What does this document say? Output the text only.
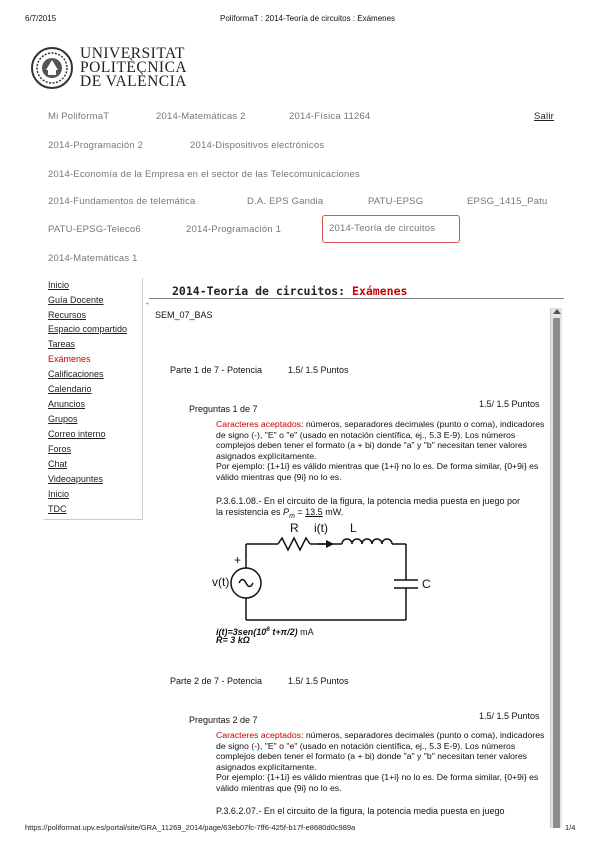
6/7/2015	PoliformaT : 2014-Teoría de circuitos : Exámenes
UNIVERSITAT
POLITÈCNICA
DE VALÈNCIA
Mi PoliformaT	2014-Matemáticas 2	2014-Física 11264	Salir
2014-Programación 2	2014-Dispositivos electrónicos
2014-Economía de la Empresa en el sector de las Telecomunicaciones
2014-Fundamentos de telemática	D.A. EPS Gandia	PATU-EPSG	EPSG_1415_Patu
PATU-EPSG-Teleco6	2014-Programación 1	2014-Teoría de circuitos
2014-Matemáticas 1
Inicio
Guía Docente
Recursos
Espacio compartido
Tareas
Exámenes
Calificaciones
Calendario
Anuncios
Grupos
Correo interno
Foros
Chat
Videoapuntes
Inicio
TDC
2014-Teoría de circuitos: Exámenes
-
SEM_07_BAS
Parte 1 de 7 - Potencia	1.5/ 1.5 Puntos
Preguntas 1 de 7	1.5/ 1.5 Puntos
Caracteres aceptados: números, separadores decimales (punto o coma), indicadores de signo (-), "E" o "e" (usado en notación científica, ej., 5.3 E-9). Los números complejos deben tener el formato (a + bi) donde "a" y "b" necesitan tener valores asignados explícitamente.
Por ejemplo: {1+1i} es válido mientras que {1+i} no lo es. De forma similar, {0+9i} es válido mientras que {9i} no lo es.
P.3.6.1.08.- En el circuito de la figura, la potencia media puesta en juego por
la resistencia es $P_m = 13.5$ mW.
R i(t) L
C
+
v(t)
$i(t)=3sen(10^6$ t+π/2) mA
R= 3 kΩ
Parte 2 de 7 - Potencia	1.5/ 1.5 Puntos
Preguntas 2 de 7	1.5/ 1.5 Puntos
Caracteres aceptados: números, separadores decimales (punto o coma), indicadores de signo (-), "E" o "e" (usado en notación científica, ej., 5.3 E-9). Los números complejos deben tener el formato (a + bi) donde "a" y "b" necesitan tener valores asignados explícitamente.
Por ejemplo: {1+1i} es válido mientras que {1+i} no lo es. De forma similar, {0+9i} es válido mientras que {9i} no lo es.
P.3.6.2.07.- En el circuito de la figura, la potencia media puesta en juego
https://poliformat.upv.es/portal/site/GRA_11269_2014/page/63eb07fc-7ff6-425f-b17f-e8680d0c989a	1/4
